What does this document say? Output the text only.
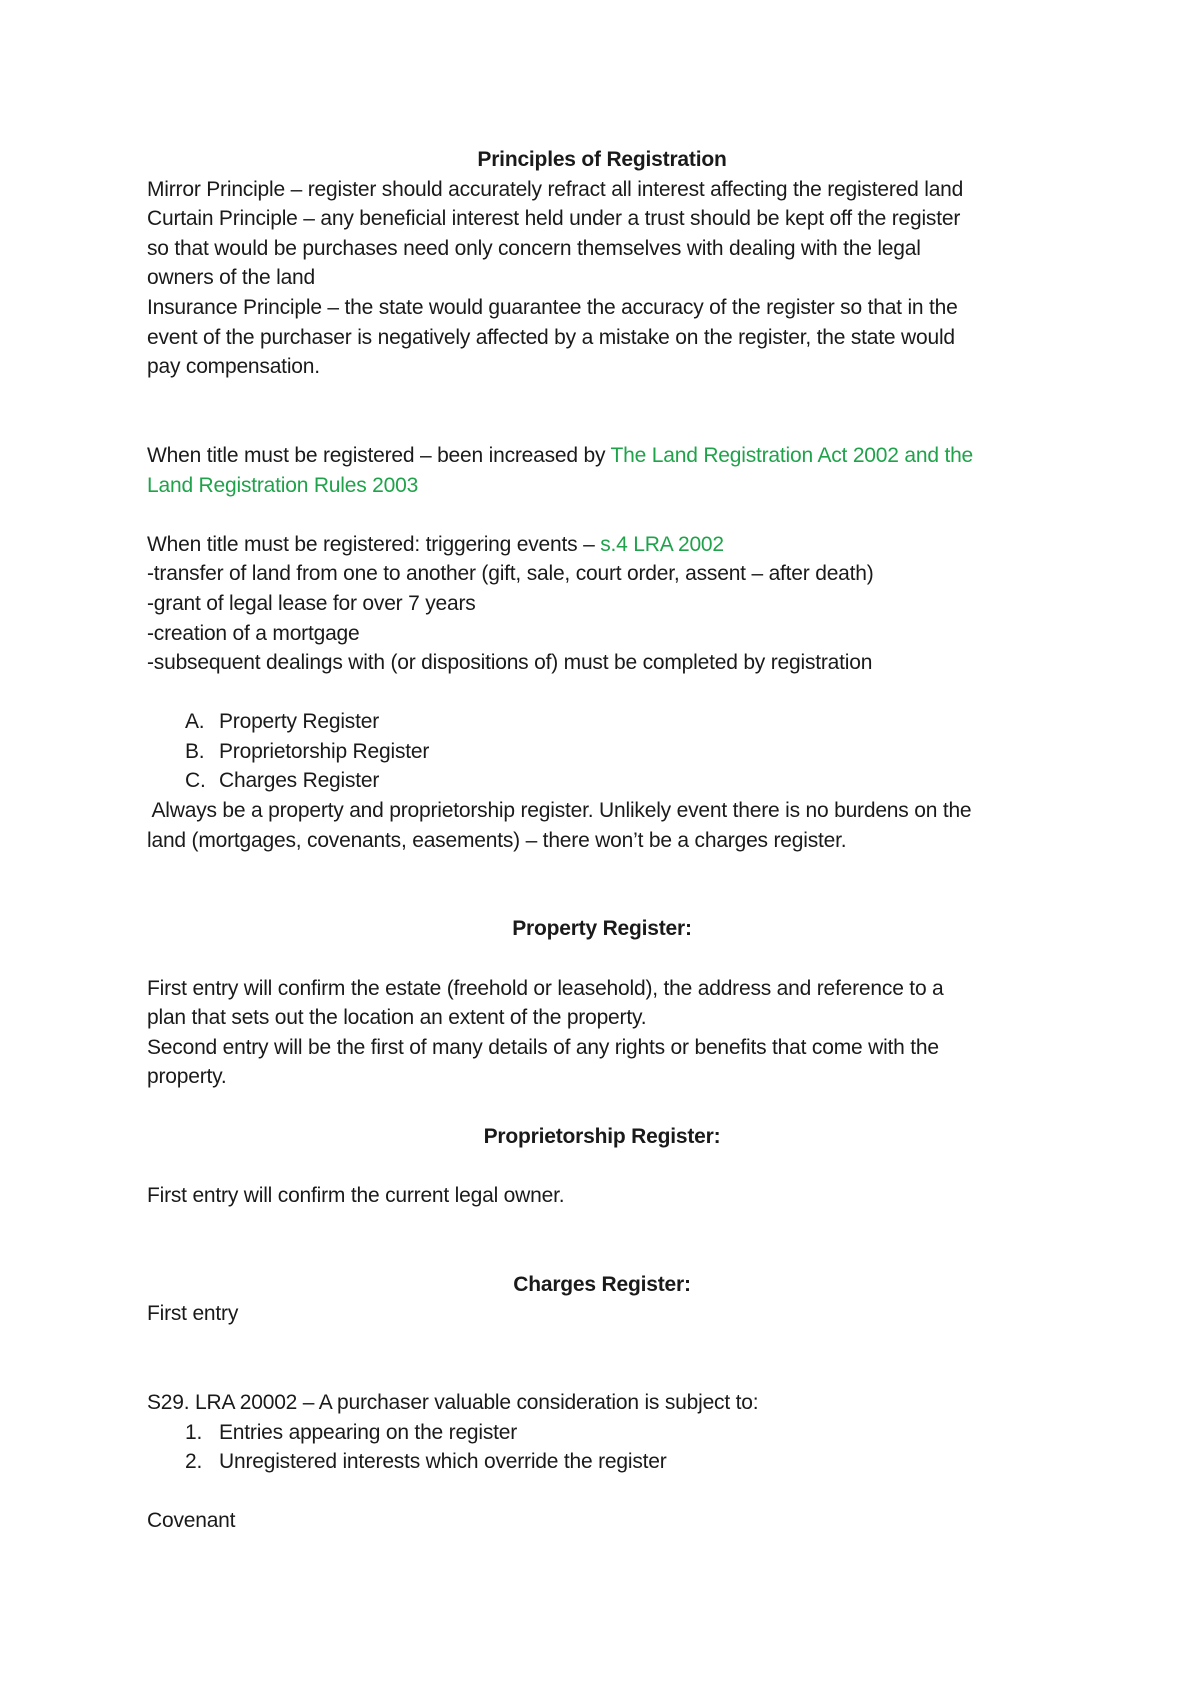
Principles of Registration
Mirror Principle – register should accurately refract all interest affecting the registered land
Curtain Principle – any beneficial interest held under a trust should be kept off the register
so that would be purchases need only concern themselves with dealing with the legal
owners of the land
Insurance Principle – the state would guarantee the accuracy of the register so that in the
event of the purchaser is negatively affected by a mistake on the register, the state would
pay compensation.
When title must be registered – been increased by The Land Registration Act 2002 and the
Land Registration Rules 2003
When title must be registered: triggering events – s.4 LRA 2002
-transfer of land from one to another (gift, sale, court order, assent – after death)
-grant of legal lease for over 7 years
-creation of a mortgage
-subsequent dealings with (or dispositions of) must be completed by registration
A. Property Register
B. Proprietorship Register
C. Charges Register
Always be a property and proprietorship register. Unlikely event there is no burdens on the
land (mortgages, covenants, easements) – there won’t be a charges register.
Property Register:
First entry will confirm the estate (freehold or leasehold), the address and reference to a
plan that sets out the location an extent of the property.
Second entry will be the first of many details of any rights or benefits that come with the
property.
Proprietorship Register:
First entry will confirm the current legal owner.
Charges Register:
First entry
S29. LRA 20002 – A purchaser valuable consideration is subject to:
1. Entries appearing on the register
2. Unregistered interests which override the register
Covenant
